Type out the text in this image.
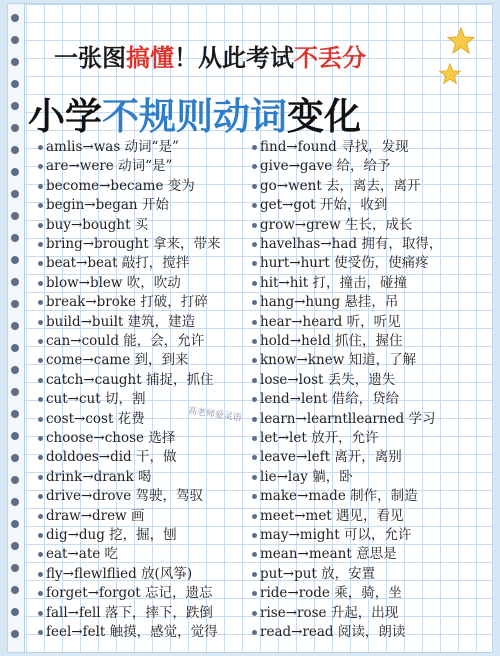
一张图搞懂！从此考试不丢分
小学不规则动词变化
amlis→was 动词“是”
are→were 动词“是”
become→became 变为
begin→began 开始
buy→bought 买
bring→brought 拿来，带来
beat→beat 敲打，搅拌
blow→blew 吹，吹动
break→broke 打破，打碎
build→built 建筑，建造
can→could 能，会，允许
come→came 到，到来
catch→caught 捕捉，抓住
cut→cut 切，割
cost→cost 花费
choose→chose 选择
doldoes→did 干，做
drink→drank 喝
drive→drove 驾驶，驾驭
draw→drew 画
dig→dug 挖，掘，刨
eat→ate 吃
fly→flewlflied 放(风筝)
forget→forgot 忘记，遗忘
fall→fell 落下，摔下，跌倒
feel→felt 触摸，感觉，觉得
find→found 寻找，发现
give→gave 给，给予
go→went 去，离去，离开
get→got 开始，收到
grow→grew 生长，成长
havelhas→had 拥有，取得，
hurt→hurt 使受伤，使痛疼
hit→hit 打，撞击，碰撞
hang→hung 悬挂，吊
hear→heard 听，听见
hold→held 抓住，握住
know→knew 知道，了解
lose→lost 丢失，遗失
lend→lent 借给，贷给
learn→learntllearned 学习
let→let 放开，允许
leave→left 离开，离别
lie→lay 躺，卧
make→made 制作，制造
meet→met 遇见，看见
may→might 可以，允许
mean→meant 意思是
put→put 放，安置
ride→rode 乘，骑，坐
rise→rose 升起，出现
read→read 阅读，朗读
高老师爱灵语
